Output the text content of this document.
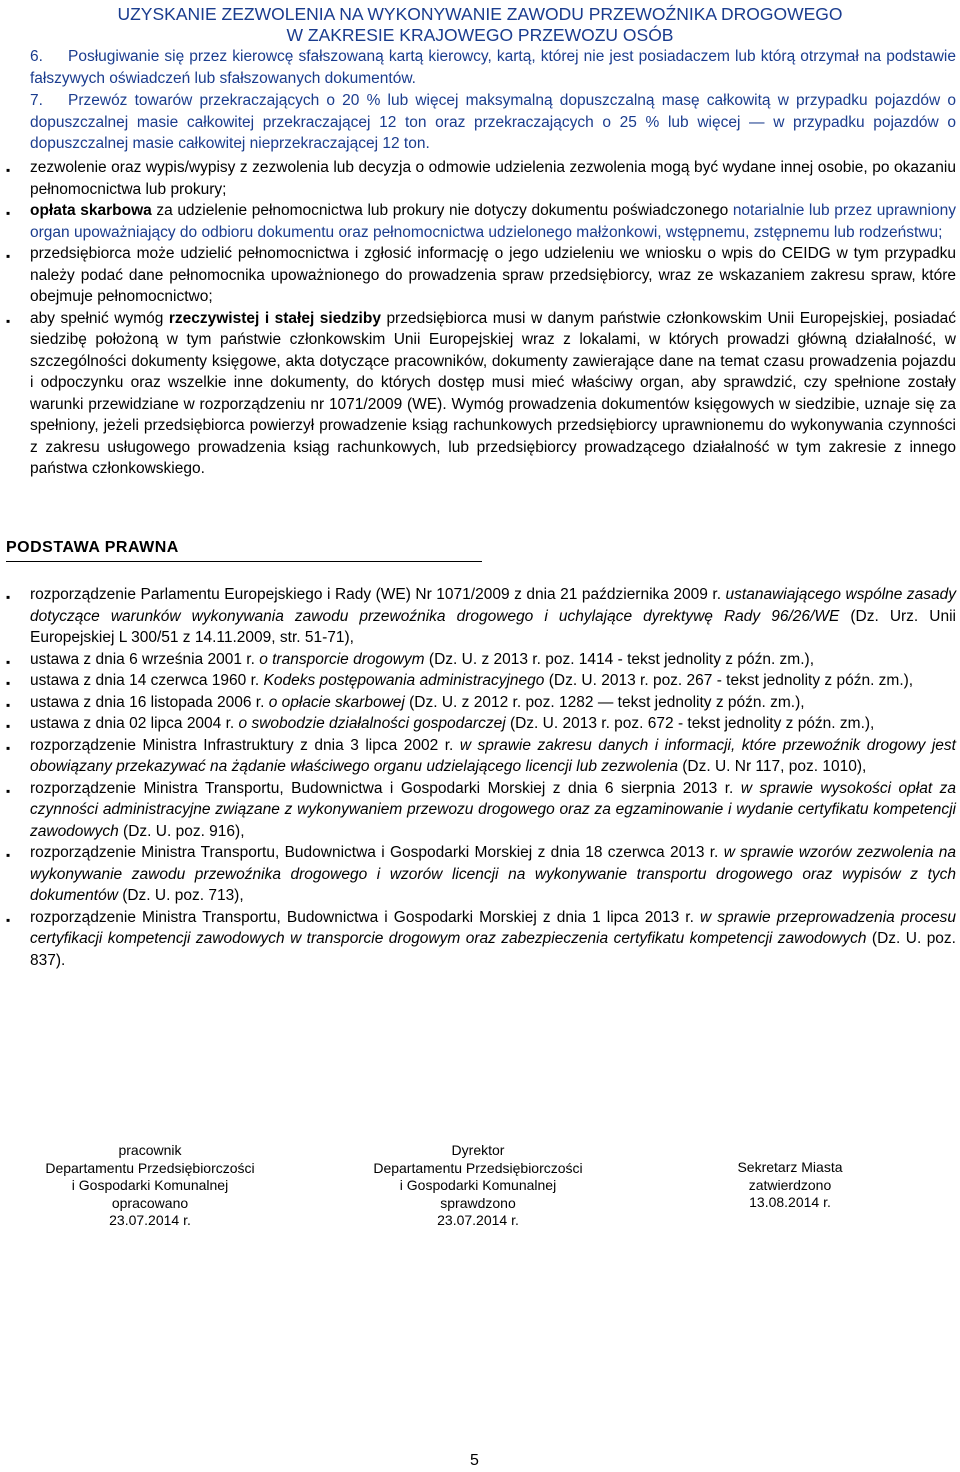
UZYSKANIE ZEZWOLENIA NA WYKONYWANIE ZAWODU PRZEWOŹNIKA DROGOWEGO
W ZAKRESIE KRAJOWEGO PRZEWOZU OSÓB
6. Posługiwanie się przez kierowcę sfałszowaną kartą kierowcy, kartą, której nie jest posiadaczem lub którą otrzymał na podstawie fałszywych oświadczeń lub sfałszowanych dokumentów.
7. Przewóz towarów przekraczających o 20 % lub więcej maksymalną dopuszczalną masę całkowitą w przypadku pojazdów o dopuszczalnej masie całkowitej przekraczającej 12 ton oraz przekraczających o 25 % lub więcej — w przypadku pojazdów o dopuszczalnej masie całkowitej nieprzekraczającej 12 ton.
▪ zezwolenie oraz wypis/wypisy z zezwolenia lub decyzja o odmowie udzielenia zezwolenia mogą być wydane innej osobie, po okazaniu pełnomocnictwa lub prokury;
▪ opłata skarbowa za udzielenie pełnomocnictwa lub prokury nie dotyczy dokumentu poświadczonego notarialnie lub przez uprawniony organ upoważniający do odbioru dokumentu oraz pełnomocnictwa udzielonego małżonkowi, wstępnemu, zstępnemu lub rodzeństwu;
▪ przedsiębiorca może udzielić pełnomocnictwa i zgłosić informację o jego udzieleniu we wniosku o wpis do CEIDG w tym przypadku należy podać dane pełnomocnika upoważnionego do prowadzenia spraw przedsiębiorcy, wraz ze wskazaniem zakresu spraw, które obejmuje pełnomocnictwo;
▪ aby spełnić wymóg rzeczywistej i stałej siedziby przedsiębiorca musi w danym państwie członkowskim Unii Europejskiej, posiadać siedzibę położoną w tym państwie członkowskim Unii Europejskiej wraz z lokalami, w których prowadzi główną działalność, w szczególności dokumenty księgowe, akta dotyczące pracowników, dokumenty zawierające dane na temat czasu prowadzenia pojazdu i odpoczynku oraz wszelkie inne dokumenty, do których dostęp musi mieć właściwy organ, aby sprawdzić, czy spełnione zostały warunki przewidziane w rozporządzeniu nr 1071/2009 (WE). Wymóg prowadzenia dokumentów księgowych w siedzibie, uznaje się za spełniony, jeżeli przedsiębiorca powierzył prowadzenie ksiąg rachunkowych przedsiębiorcy uprawnionemu do wykonywania czynności z zakresu usługowego prowadzenia ksiąg rachunkowych, lub przedsiębiorcy prowadzącego działalność w tym zakresie z innego państwa członkowskiego.
PODSTAWA PRAWNA
▪ rozporządzenie Parlamentu Europejskiego i Rady (WE) Nr 1071/2009 z dnia 21 października 2009 r. ustanawiającego wspólne zasady dotyczące warunków wykonywania zawodu przewoźnika drogowego i uchylające dyrektywę Rady 96/26/WE (Dz. Urz. Unii Europejskiej L 300/51 z 14.11.2009, str. 51-71),
▪ ustawa z dnia 6 września 2001 r. o transporcie drogowym (Dz. U. z 2013 r. poz. 1414 - tekst jednolity z późn. zm.),
▪ ustawa z dnia 14 czerwca 1960 r. Kodeks postępowania administracyjnego (Dz. U. 2013 r. poz. 267 - tekst jednolity z późn. zm.),
▪ ustawa z dnia 16 listopada 2006 r. o opłacie skarbowej (Dz. U. z 2012 r. poz. 1282 — tekst jednolity z późn. zm.),
▪ ustawa z dnia 02 lipca 2004 r. o swobodzie działalności gospodarczej (Dz. U. 2013 r. poz. 672 - tekst jednolity z późn. zm.),
▪ rozporządzenie Ministra Infrastruktury z dnia 3 lipca 2002 r. w sprawie zakresu danych i informacji, które przewoźnik drogowy jest obowiązany przekazywać na żądanie właściwego organu udzielającego licencji lub zezwolenia (Dz. U. Nr 117, poz. 1010),
▪ rozporządzenie Ministra Transportu, Budownictwa i Gospodarki Morskiej z dnia 6 sierpnia 2013 r. w sprawie wysokości opłat za czynności administracyjne związane z wykonywaniem przewozu drogowego oraz za egzaminowanie i wydanie certyfikatu kompetencji zawodowych (Dz. U. poz. 916),
▪ rozporządzenie Ministra Transportu, Budownictwa i Gospodarki Morskiej z dnia 18 czerwca 2013 r. w sprawie wzorów zezwolenia na wykonywanie zawodu przewoźnika drogowego i wzorów licencji na wykonywanie transportu drogowego oraz wypisów z tych dokumentów (Dz. U. poz. 713),
▪ rozporządzenie Ministra Transportu, Budownictwa i Gospodarki Morskiej z dnia 1 lipca 2013 r. w sprawie przeprowadzenia procesu certyfikacji kompetencji zawodowych w transporcie drogowym oraz zabezpieczenia certyfikatu kompetencji zawodowych (Dz. U. poz. 837).
pracownik
Departamentu Przedsiębiorczości
i Gospodarki Komunalnej
opracowano
23.07.2014 r.
Dyrektor
Departamentu Przedsiębiorczości
i Gospodarki Komunalnej
sprawdzono
23.07.2014 r.
Sekretarz Miasta
zatwierdzono
13.08.2014 r.
5
